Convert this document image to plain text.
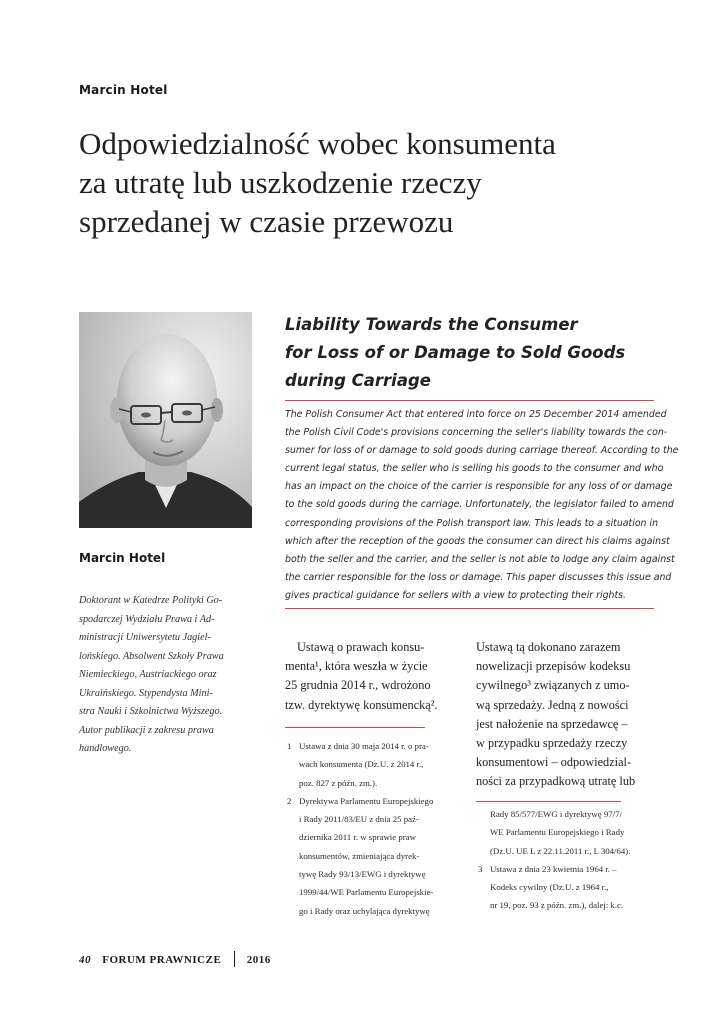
Marcin Hotel
Odpowiedzialność wobec konsumenta
za utratę lub uszkodzenie rzeczy
sprzedanej w czasie przewozu
Marcin Hotel
Doktorant w Katedrze Polityki Go-
spodarczej Wydziału Prawa i Ad-
ministracji Uniwersytetu Jagiel-
lońskiego. Absolwent Szkoły Prawa
Niemieckiego, Austriackiego oraz
Ukraińskiego. Stypendysta Mini-
stra Nauki i Szkolnictwa Wyższego.
Autor publikacji z zakresu prawa
handlowego.
Liability Towards the Consumer
for Loss of or Damage to Sold Goods
during Carriage
The Polish Consumer Act that entered into force on 25 December 2014 amended
the Polish Civil Code's provisions concerning the seller's liability towards the con-
sumer for loss of or damage to sold goods during carriage thereof. According to the
current legal status, the seller who is selling his goods to the consumer and who
has an impact on the choice of the carrier is responsible for any loss of or damage
to the sold goods during the carriage. Unfortunately, the legislator failed to amend
corresponding provisions of the Polish transport law. This leads to a situation in
which after the reception of the goods the consumer can direct his claims against
both the seller and the carrier, and the seller is not able to lodge any claim against
the carrier responsible for the loss or damage. This paper discusses this issue and
gives practical guidance for sellers with a view to protecting their rights.
Ustawą o prawach konsu-
menta¹, która weszła w życie
25 grudnia 2014 r., wdrożono
tzw. dyrektywę konsumencką².
Ustawą tą dokonano zarazem
nowelizacji przepisów kodeksu
cywilnego³ związanych z umo-
wą sprzedaży. Jedną z nowości
jest nałożenie na sprzedawcę –
w przypadku sprzedaży rzeczy
konsumentowi – odpowiedzial-
ności za przypadkową utratę lub
1 Ustawa z dnia 30 maja 2014 r. o pra-
wach konsumenta (Dz.U. z 2014 r.,
poz. 827 z późn. zm.).
2 Dyrektywa Parlamentu Europejskiego
i Rady 2011/83/EU z dnia 25 paź-
dziernika 2011 r. w sprawie praw
konsumentów, zmieniająca dyrek-
tywę Rady 93/13/EWG i dyrektywę
1999/44/WE Parlamentu Europejskie-
go i Rady oraz uchylająca dyrektywę
Rady 85/577/EWG i dyrektywę 97/7/
WE Parlamentu Europejskiego i Rady
(Dz.U. UE L z 22.11.2011 r., L 304/64).
3 Ustawa z dnia 23 kwietnia 1964 r. –
Kodeks cywilny (Dz.U. z 1964 r.,
nr 19, poz. 93 z późn. zm.), dalej: k.c.
40 FORUM PRAWNICZE 2016
